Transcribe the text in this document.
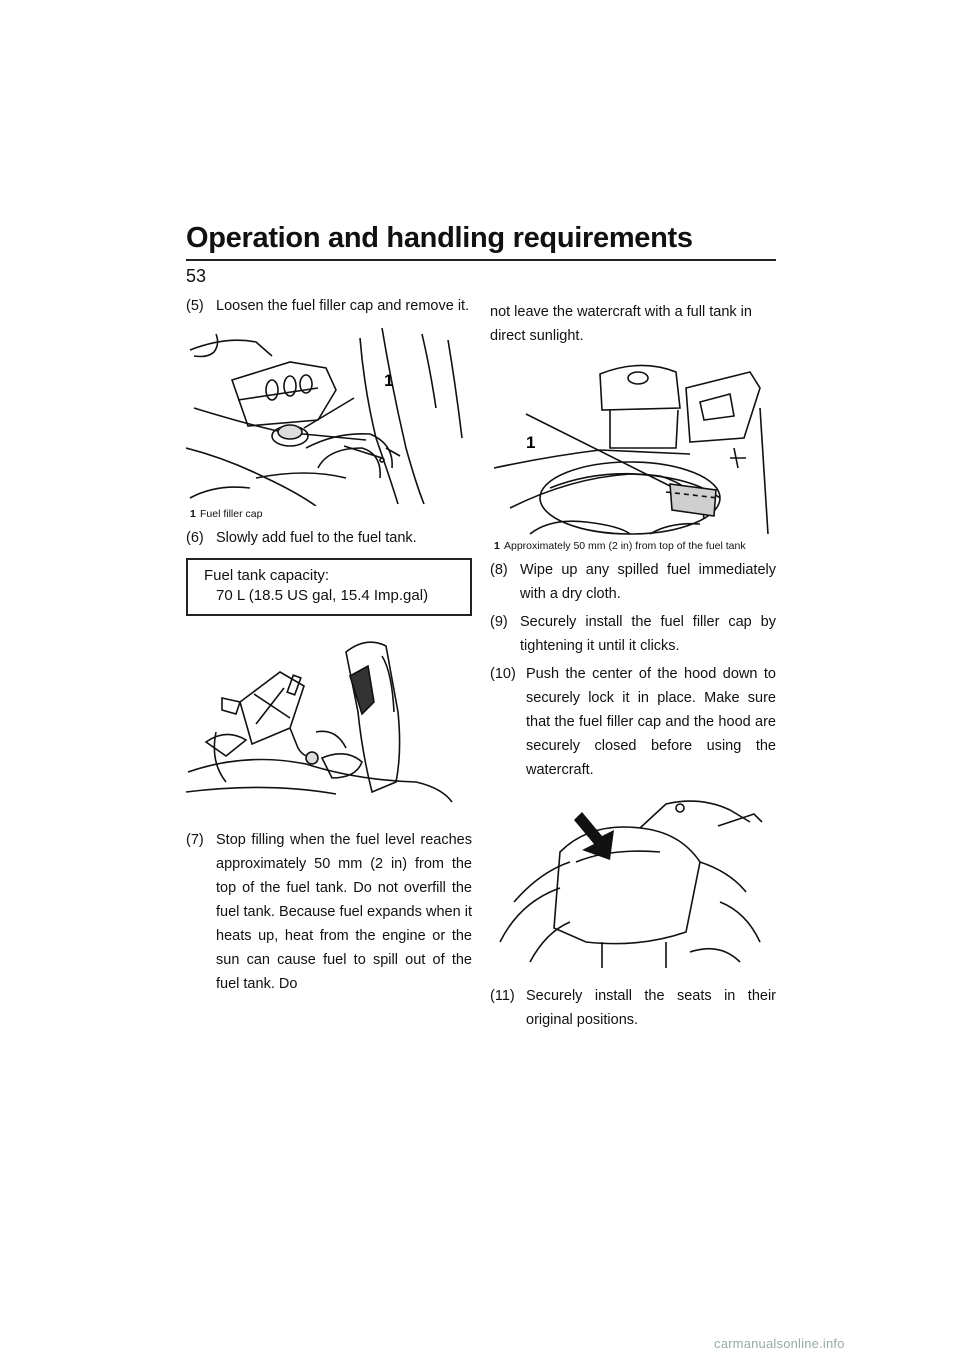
Operation and handling requirements
53

(5) Loosen the fuel filler cap and remove it.

1

1 Fuel filler cap

(6) Slowly add fuel to the fuel tank.

Fuel tank capacity:
70 L (18.5 US gal, 15.4 Imp.gal)

(7) Stop filling when the fuel level reaches approximately 50 mm (2 in) from the top of the fuel tank. Do not overfill the fuel tank. Because fuel expands when it heats up, heat from the engine or the sun can cause fuel to spill out of the fuel tank. Do

not leave the watercraft with a full tank in direct sunlight.

1

1 Approximately 50 mm (2 in) from top of the fuel tank

(8) Wipe up any spilled fuel immediately with a dry cloth.

(9) Securely install the fuel filler cap by tightening it until it clicks.

(10) Push the center of the hood down to securely lock it in place. Make sure that the fuel filler cap and the hood are securely closed before using the watercraft.

(11) Securely install the seats in their original positions.

carmanualsonline.info
